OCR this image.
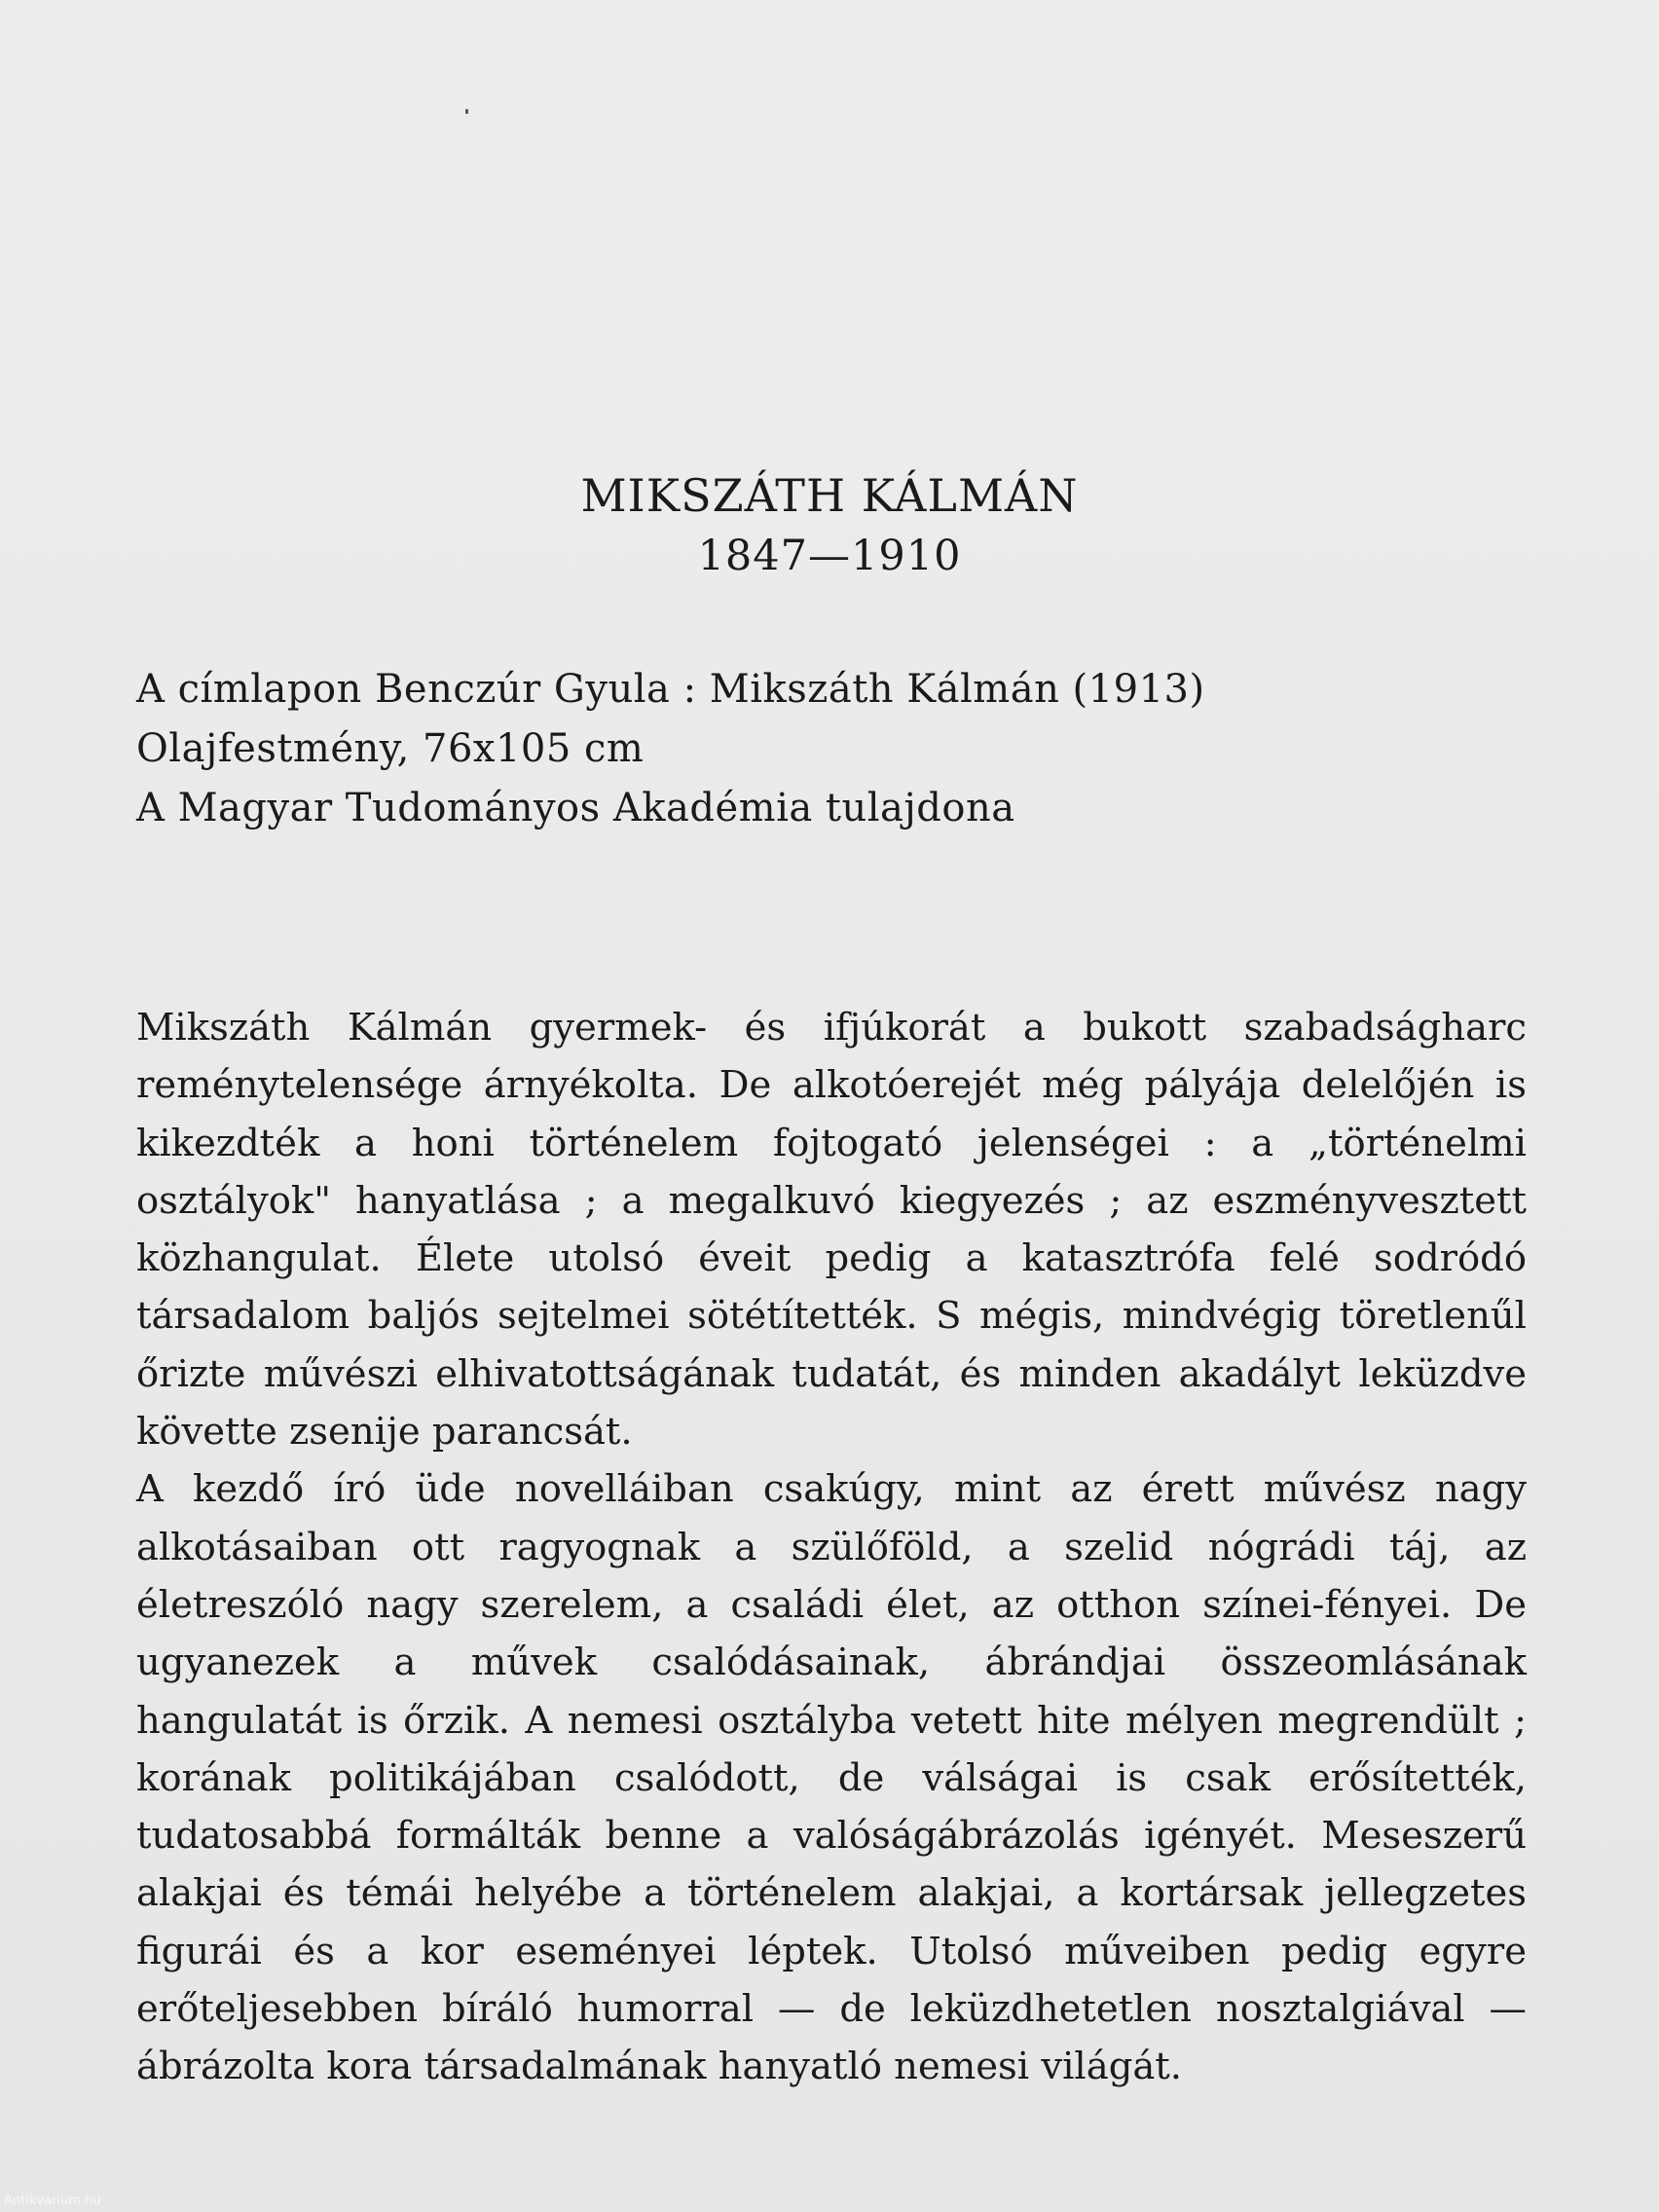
MIKSZÁTH KÁLMÁN
1847—1910
A címlapon Benczúr Gyula : Mikszáth Kálmán (1913)
Olajfestmény, 76x105 cm
A Magyar Tudományos Akadémia tulajdona

Mikszáth Kálmán gyermek- és ifjúkorát a bukott szabadságharc reménytelensége árnyékolta. De alkotóerejét még pályája delelőjén is kikezdték a honi történelem fojtogató jelenségei : a „történelmi osztályok" hanyatlása ; a megalkuvó kiegyezés ; az eszményvesztett közhangulat. Élete utolsó éveit pedig a katasztrófa felé sodródó társadalom baljós sejtelmei sötétítették. S mégis, mindvégig töretlenűl őrizte művészi elhivatottságának tudatát, és minden akadályt leküzdve követte zsenije parancsát.

A kezdő író üde novelláiban csakúgy, mint az érett művész nagy alkotásaiban ott ragyognak a szülőföld, a szelid nógrádi táj, az életreszóló nagy szerelem, a családi élet, az otthon színei-fényei. De ugyanezek a művek csalódásainak, ábrándjai összeomlásának hangulatát is őrzik. A nemesi osztályba vetett hite mélyen megrendült ; korának politikájában csalódott, de válságai is csak erősítették, tudatosabbá formálták benne a valóságábrázolás igényét. Meseszerű alakjai és témái helyébe a történelem alakjai, a kortársak jellegzetes figurái és a kor eseményei léptek. Utolsó műveiben pedig egyre erőteljesebben bíráló humorral — de leküzdhetetlen nosztalgiával — ábrázolta kora társadalmának hanyatló nemesi világát.

Antikvarium.hu
